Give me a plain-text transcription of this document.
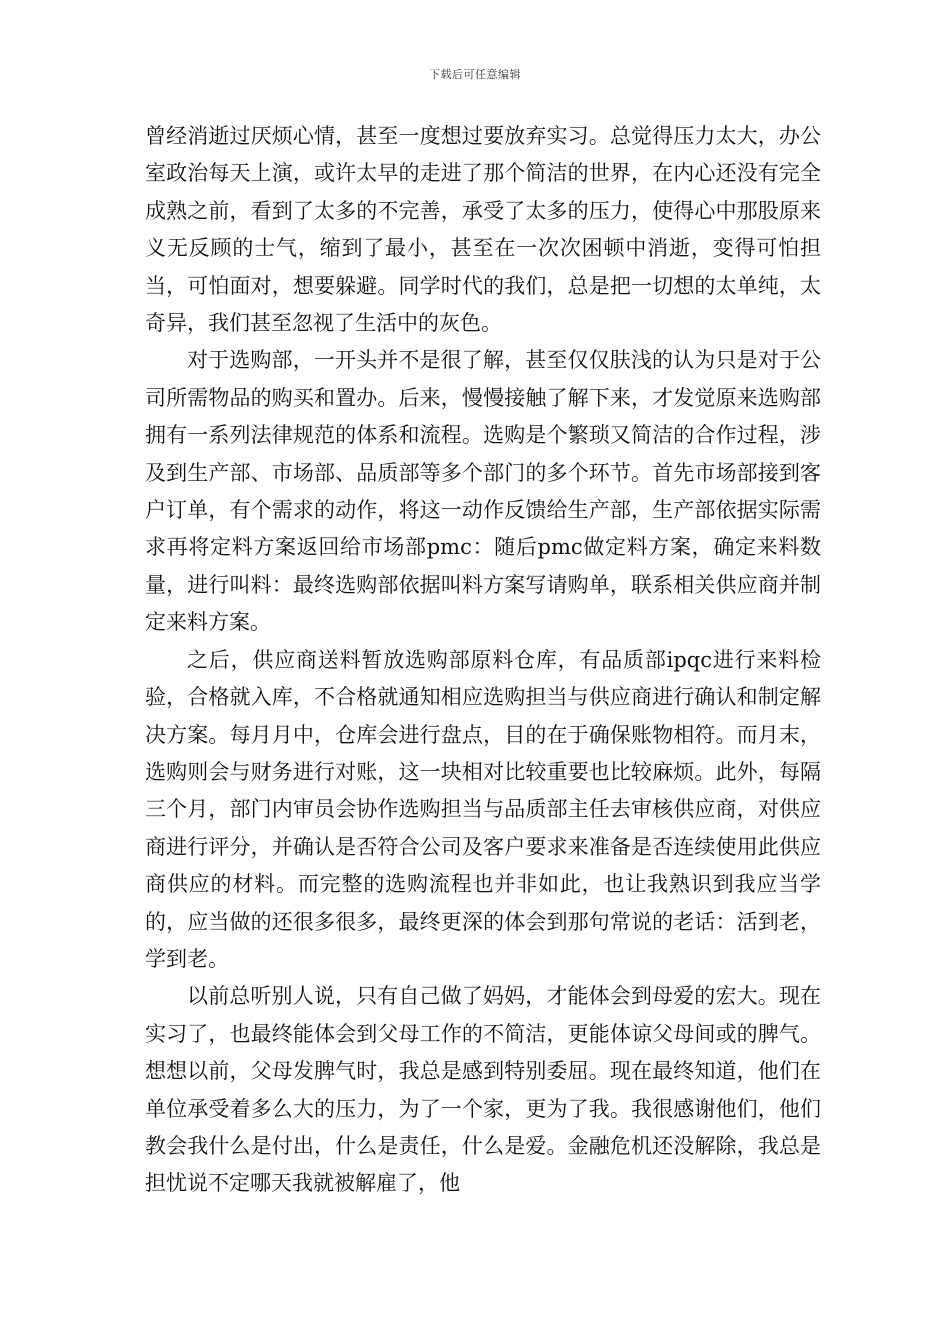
下载后可任意编辑

曾经消逝过厌烦心情，甚至一度想过要放弃实习。总觉得压力太大，办公室政治每天上演，或许太早的走进了那个简洁的世界，在内心还没有完全成熟之前，看到了太多的不完善，承受了太多的压力，使得心中那股原来义无反顾的士气，缩到了最小，甚至在一次次困顿中消逝，变得可怕担当，可怕面对，想要躲避。同学时代的我们，总是把一切想的太单纯，太奇异，我们甚至忽视了生活中的灰色。

对于选购部，一开头并不是很了解，甚至仅仅肤浅的认为只是对于公司所需物品的购买和置办。后来，慢慢接触了解下来，才发觉原来选购部拥有一系列法律规范的体系和流程。选购是个繁琐又简洁的合作过程，涉及到生产部、市场部、品质部等多个部门的多个环节。首先市场部接到客户订单，有个需求的动作，将这一动作反馈给生产部，生产部依据实际需求再将定料方案返回给市场部pmc：随后pmc做定料方案，确定来料数量，进行叫料：最终选购部依据叫料方案写请购单，联系相关供应商并制定来料方案。

之后，供应商送料暂放选购部原料仓库，有品质部ipqc进行来料检验，合格就入库，不合格就通知相应选购担当与供应商进行确认和制定解决方案。每月月中，仓库会进行盘点，目的在于确保账物相符。而月末，选购则会与财务进行对账，这一块相对比较重要也比较麻烦。此外，每隔三个月，部门内审员会协作选购担当与品质部主任去审核供应商，对供应商进行评分，并确认是否符合公司及客户要求来准备是否连续使用此供应商供应的材料。而完整的选购流程也并非如此，也让我熟识到我应当学的，应当做的还很多很多，最终更深的体会到那句常说的老话：活到老，学到老。

以前总听别人说，只有自己做了妈妈，才能体会到母爱的宏大。现在实习了，也最终能体会到父母工作的不简洁，更能体谅父母间或的脾气。想想以前，父母发脾气时，我总是感到特别委屈。现在最终知道，他们在单位承受着多么大的压力，为了一个家，更为了我。我很感谢他们，他们教会我什么是付出，什么是责任，什么是爱。金融危机还没解除，我总是担忧说不定哪天我就被解雇了，他
